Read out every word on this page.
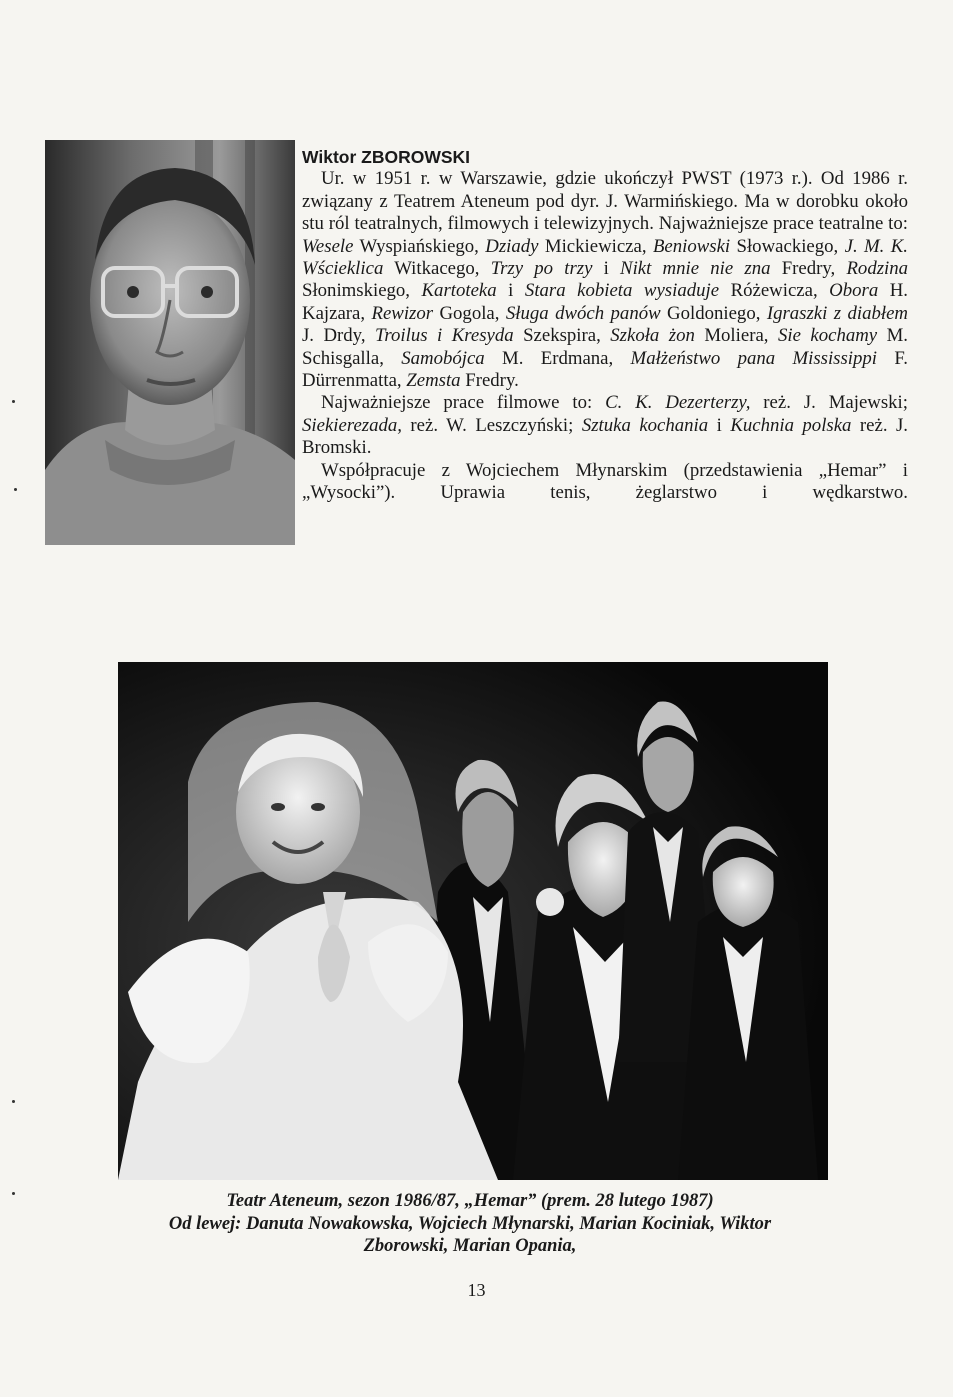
Wiktor ZBOROWSKI

Ur. w 1951 r. w Warszawie, gdzie ukończył PWST (1973 r.). Od 1986 r. związany z Teatrem Ateneum pod dyr. J. Warmińskiego. Ma w dorobku około stu ról teatralnych, filmowych i telewizyjnych. Najważniejsze prace teatralne to: Wesele Wyspiańskiego, Dziady Mickiewicza, Beniowski Słowackiego, J. M. K. Wścieklica Witkacego, Trzy po trzy i Nikt mnie nie zna Fredry, Rodzina Słonimskiego, Kartoteka i Stara kobieta wysiaduje Różewicza, Obora H. Kajzara, Rewizor Gogola, Sługa dwóch panów Goldoniego, Igraszki z diabłem J. Drdy, Troilus i Kresyda Szekspira, Szkoła żon Moliera, Sie kochamy M. Schisgalla, Samobójca M. Erdmana, Małżeństwo pana Mississippi F. Dürrenmatta, Zemsta Fredry.

Najważniejsze prace filmowe to: C. K. Dezerterzy, reż. J. Majewski; Siekierezada, reż. W. Leszczyński; Sztuka kochania i Kuchnia polska reż. J. Bromski.

Współpracuje z Wojciechem Młynarskim (przedstawienia „Hemar” i „Wysocki”). Uprawia tenis, żeglarstwo i wędkarstwo.

Teatr Ateneum, sezon 1986/87, „Hemar” (prem. 28 lutego 1987)
Od lewej: Danuta Nowakowska, Wojciech Młynarski, Marian Kociniak, Wiktor
Zborowski, Marian Opania,
13
